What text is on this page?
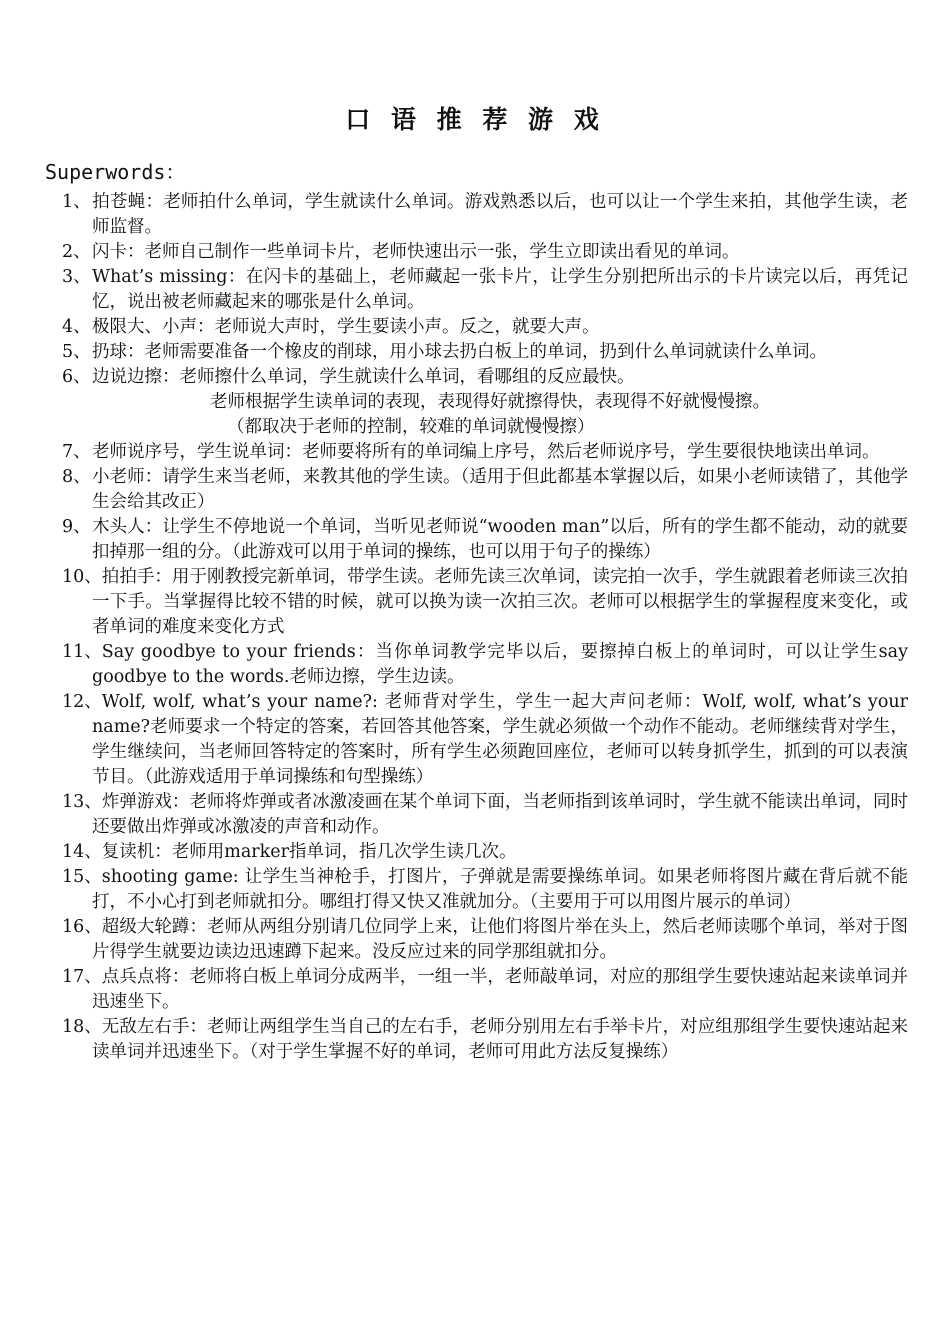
口 语 推 荐 游 戏
Superwords：

1、拍苍蝇：老师拍什么单词，学生就读什么单词。游戏熟悉以后，也可以让一个学生来拍，其他学生读，老师监督。

2、闪卡：老师自己制作一些单词卡片，老师快速出示一张，学生立即读出看见的单词。

3、What’s missing：在闪卡的基础上，老师藏起一张卡片，让学生分别把所出示的卡片读完以后，再凭记忆，说出被老师藏起来的哪张是什么单词。

4、极限大、小声：老师说大声时，学生要读小声。反之，就要大声。

5、扔球：老师需要准备一个橡皮的削球，用小球去扔白板上的单词，扔到什么单词就读什么单词。

6、边说边擦：老师擦什么单词，学生就读什么单词，看哪组的反应最快。

老师根据学生读单词的表现，表现得好就擦得快，表现得不好就慢慢擦。

（都取决于老师的控制，较难的单词就慢慢擦）

7、老师说序号，学生说单词：老师要将所有的单词编上序号，然后老师说序号，学生要很快地读出单词。

8、小老师：请学生来当老师，来教其他的学生读。（适用于但此都基本掌握以后，如果小老师读错了，其他学生会给其改正）

9、木头人：让学生不停地说一个单词，当听见老师说“wooden man”以后，所有的学生都不能动，动的就要扣掉那一组的分。（此游戏可以用于单词的操练，也可以用于句子的操练）

10、拍拍手：用于刚教授完新单词，带学生读。老师先读三次单词，读完拍一次手，学生就跟着老师读三次拍一下手。当掌握得比较不错的时候，就可以换为读一次拍三次。老师可以根据学生的掌握程度来变化，或者单词的难度来变化方式

11、Say goodbye to your friends：当你单词教学完毕以后，要擦掉白板上的单词时，可以让学生say goodbye to the words.老师边擦，学生边读。

12、Wolf, wolf, what’s your name?: 老师背对学生，学生一起大声问老师：Wolf, wolf, what’s your name?老师要求一个特定的答案，若回答其他答案，学生就必须做一个动作不能动。老师继续背对学生，学生继续问，当老师回答特定的答案时，所有学生必须跑回座位，老师可以转身抓学生，抓到的可以表演节目。（此游戏适用于单词操练和句型操练）

13、炸弹游戏：老师将炸弹或者冰激凌画在某个单词下面，当老师指到该单词时，学生就不能读出单词，同时还要做出炸弹或冰激凌的声音和动作。

14、复读机：老师用marker指单词，指几次学生读几次。

15、shooting game: 让学生当神枪手，打图片，子弹就是需要操练单词。如果老师将图片藏在背后就不能打，不小心打到老师就扣分。哪组打得又快又准就加分。（主要用于可以用图片展示的单词）

16、超级大轮蹲：老师从两组分别请几位同学上来，让他们将图片举在头上，然后老师读哪个单词，举对于图片得学生就要边读边迅速蹲下起来。没反应过来的同学那组就扣分。

17、点兵点将：老师将白板上单词分成两半，一组一半，老师敲单词，对应的那组学生要快速站起来读单词并迅速坐下。

18、无敌左右手：老师让两组学生当自己的左右手，老师分别用左右手举卡片，对应组那组学生要快速站起来读单词并迅速坐下。（对于学生掌握不好的单词，老师可用此方法反复操练）
